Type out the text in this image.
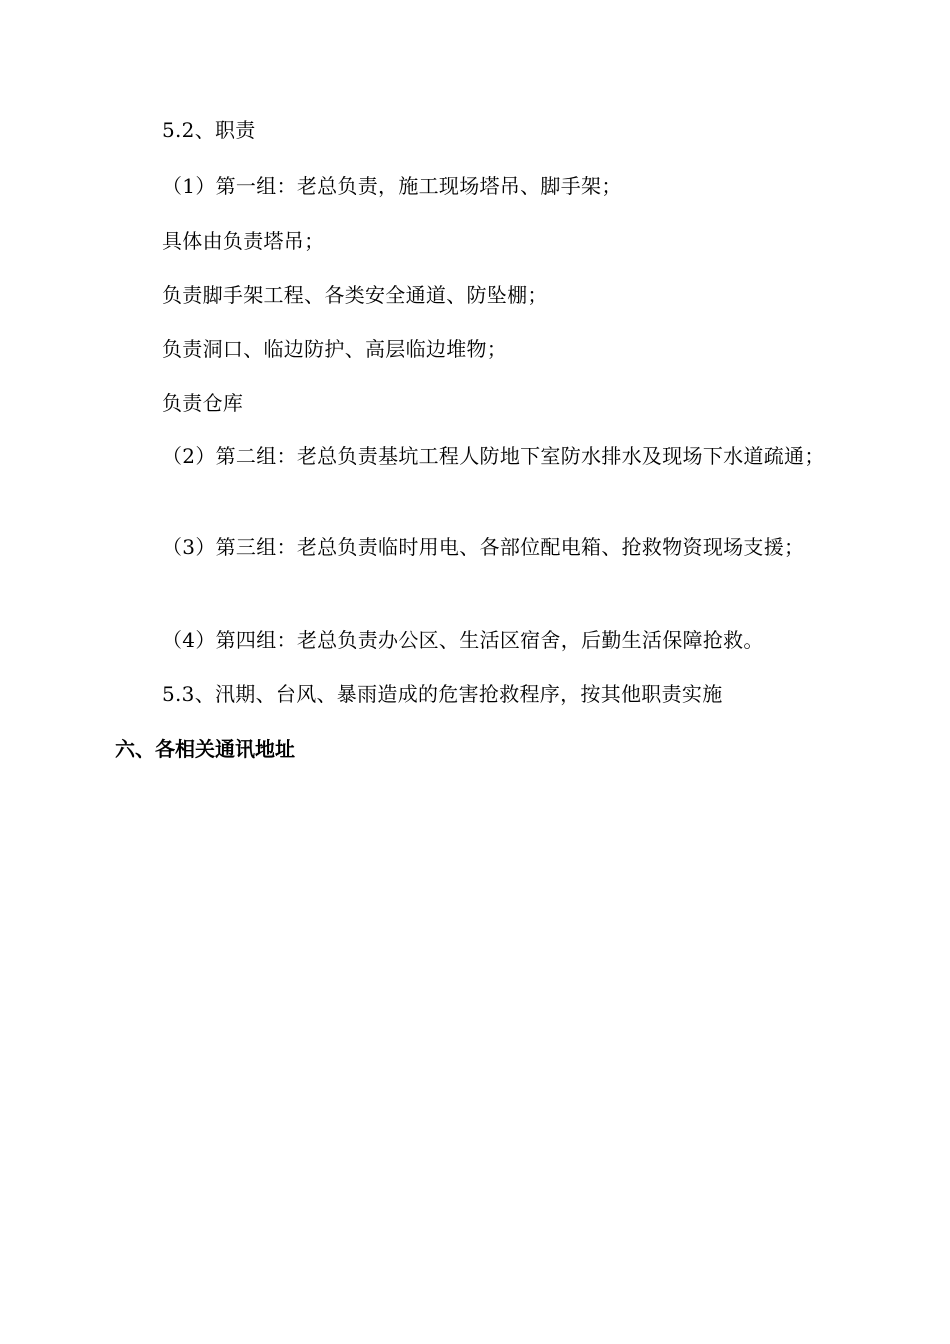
5.2、职责
（1）第一组：老总负责，施工现场塔吊、脚手架；
具体由负责塔吊；
负责脚手架工程、各类安全通道、防坠棚；
负责洞口、临边防护、高层临边堆物；
负责仓库
（2）第二组：老总负责基坑工程人防地下室防水排水及现场下水道疏通；
（3）第三组：老总负责临时用电、各部位配电箱、抢救物资现场支援；
（4）第四组：老总负责办公区、生活区宿舍，后勤生活保障抢救。
5.3、汛期、台风、暴雨造成的危害抢救程序，按其他职责实施
六、各相关通讯地址
